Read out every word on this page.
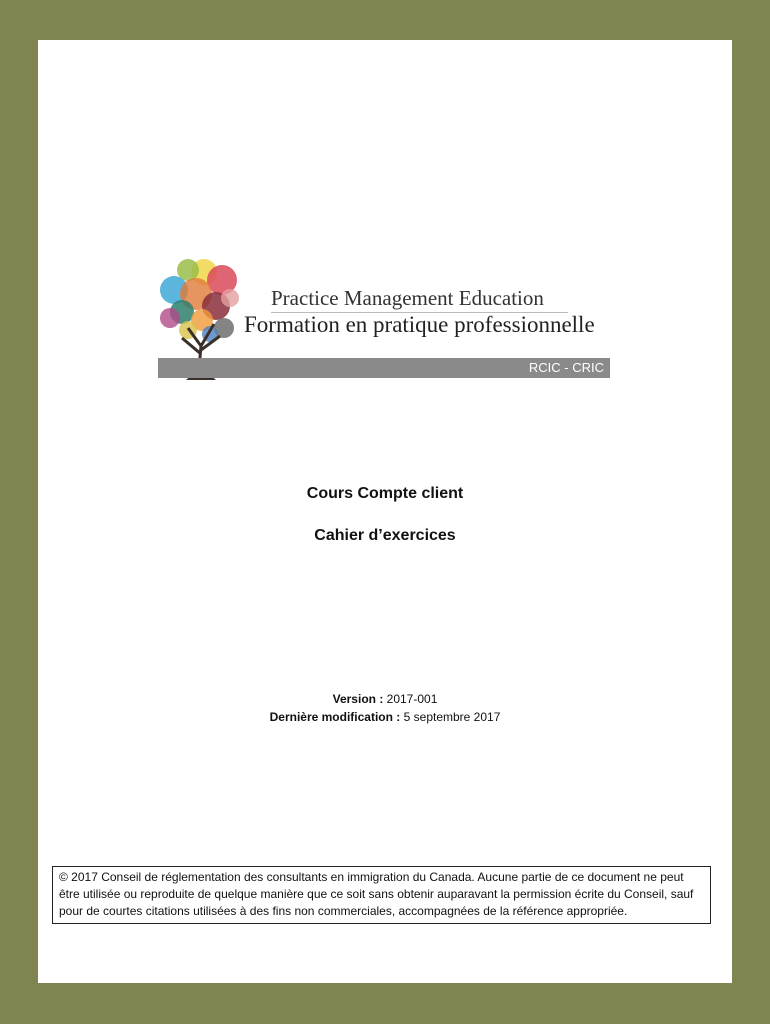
Practice Management Education
Formation en pratique professionnelle
RCIC - CRIC
Cours Compte client
Cahier d’exercices
Version : 2017-001
Dernière modification : 5 septembre 2017
© 2017 Conseil de réglementation des consultants en immigration du Canada. Aucune partie de ce document ne peut être utilisée ou reproduite de quelque manière que ce soit sans obtenir auparavant la permission écrite du Conseil, sauf pour de courtes citations utilisées à des fins non commerciales, accompagnées de la référence appropriée.
